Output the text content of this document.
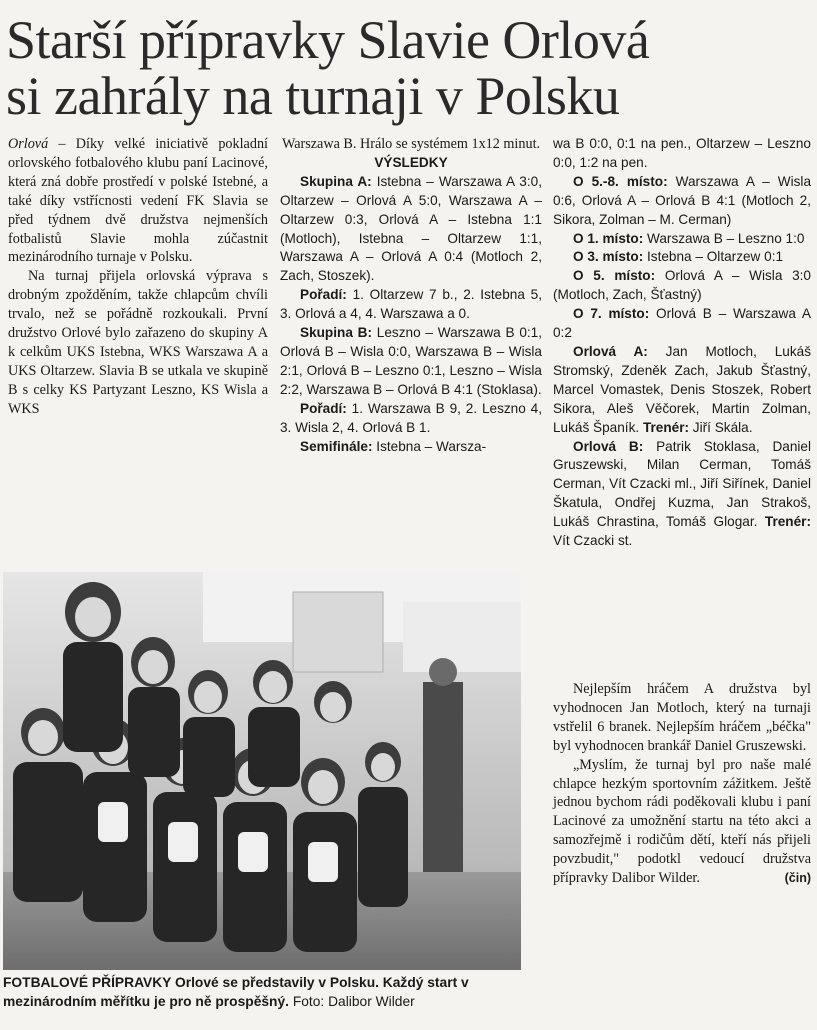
Starší přípravky Slavie Orlová
si zahrály na turnaji v Polsku

Orlová – Díky velké iniciativě pokladní orlovského fotbalového klubu paní Lacinové, která zná dobře prostředí v polské Istebné, a také díky vstřícnosti vedení FK Slavia se před týdnem dvě družstva nejmenších fotbalistů Slavie mohla zúčastnit mezinárodního turnaje v Polsku.

Na turnaj přijela orlovská výprava s drobným zpožděním, takže chlapcům chvíli trvalo, než se pořádně rozkoukali. První družstvo Orlové bylo zařazeno do skupiny A k celkům UKS Istebna, WKS Warszawa A a UKS Oltarzew. Slavia B se utkala ve skupině B s celky KS Partyzant Leszno, KS Wisla a WKS

Warszawa B. Hrálo se systémem 1x12 minut.

VÝSLEDKY

Skupina A: Istebna – Warszawa A 3:0, Oltarzew – Orlová A 5:0, Warszawa A – Oltarzew 0:3, Orlová A – Istebna 1:1 (Motloch), Istebna – Oltarzew 1:1, Warszawa A – Orlová A 0:4 (Motloch 2, Zach, Stoszek).

Pořadí: 1. Oltarzew 7 b., 2. Istebna 5, 3. Orlová a 4, 4. Warszawa a 0.

Skupina B: Leszno – Warszawa B 0:1, Orlová B – Wisla 0:0, Warszawa B – Wisla 2:1, Orlová B – Leszno 0:1, Leszno – Wisla 2:2, Warszawa B – Orlová B 4:1 (Stoklasa).

Pořadí: 1. Warszawa B 9, 2. Leszno 4, 3. Wisla 2, 4. Orlová B 1.

Semifinále: Istebna – Warsza-

wa B 0:0, 0:1 na pen., Oltarzew – Leszno 0:0, 1:2 na pen.

O 5.-8. místo: Warszawa A – Wisla 0:6, Orlová A – Orlová B 4:1 (Motloch 2, Sikora, Zolman – M. Cerman)

O 1. místo: Warszawa B – Leszno 1:0

O 3. místo: Istebna – Oltarzew 0:1

O 5. místo: Orlová A – Wisla 3:0 (Motloch, Zach, Šťastný)

O 7. místo: Orlová B – Warszawa A 0:2

Orlová A: Jan Motloch, Lukáš Stromský, Zdeněk Zach, Jakub Šťastný, Marcel Vomastek, Denis Stoszek, Robert Sikora, Aleš Věčorek, Martin Zolman, Lukáš Španík. Trenér: Jiří Skála.

Orlová B: Patrik Stoklasa, Daniel Gruszewski, Milan Cerman, Tomáš Cerman, Vít Czacki ml., Jiří Siřínek, Daniel Škatula, Ondřej Kuzma, Jan Strakoš, Lukáš Chrastina, Tomáš Glogar. Trenér: Vít Czacki st.

Nejlepším hráčem A družstva byl vyhodnocen Jan Motloch, který na turnaji vstřelil 6 branek. Nejlepším hráčem „béčka" byl vyhodnocen brankář Daniel Gruszewski.

„Myslím, že turnaj byl pro naše malé chlapce hezkým sportovním zážitkem. Ještě jednou bychom rádi poděkovali klubu i paní Lacinové za umožnění startu na této akci a samozřejmě i rodičům dětí, kteří nás přijeli povzbudit," podotkl vedoucí družstva přípravky Dalibor Wilder.	(čin)

FOTBALOVÉ PŘÍPRAVKY Orlové se představily v Polsku. Každý start v mezinárodním měřítku je pro ně prospěšný. Foto: Dalibor Wilder
